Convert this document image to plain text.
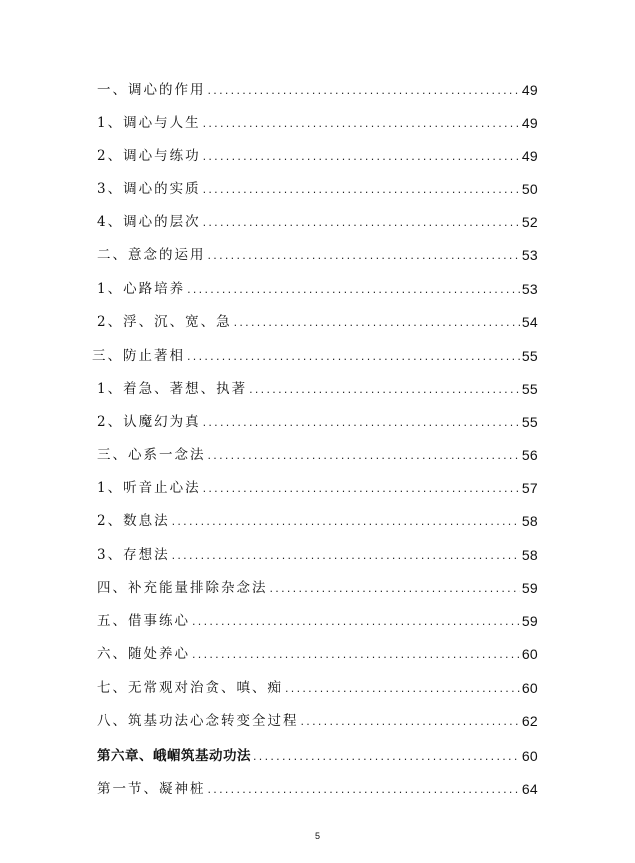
一、调心的作用 .....	49
1、调心与人生 .....	49
2、调心与练功 .....	49
3、调心的实质 .....	50
4、调心的层次 .....	52
二、意念的运用 .....	53
1、心路培养 .....	53
2、浮、沉、宽、急 .....	54
三、防止著相 .....	55
1、着急、著想、执著 .....	55
2、认魔幻为真 .....	55
三、心系一念法 .....	56
1、听音止心法 .....	57
2、数息法 .....	58
3、存想法 .....	58
四、补充能量排除杂念法 .....	59
五、借事练心 .....	59
六、随处养心 .....	60
七、无常观对治贪、嗔、痴 .....	60
八、筑基功法心念转变全过程 .....	62
第六章、峨嵋筑基动功法 .....	60
第一节、凝神桩 .....	64
5
